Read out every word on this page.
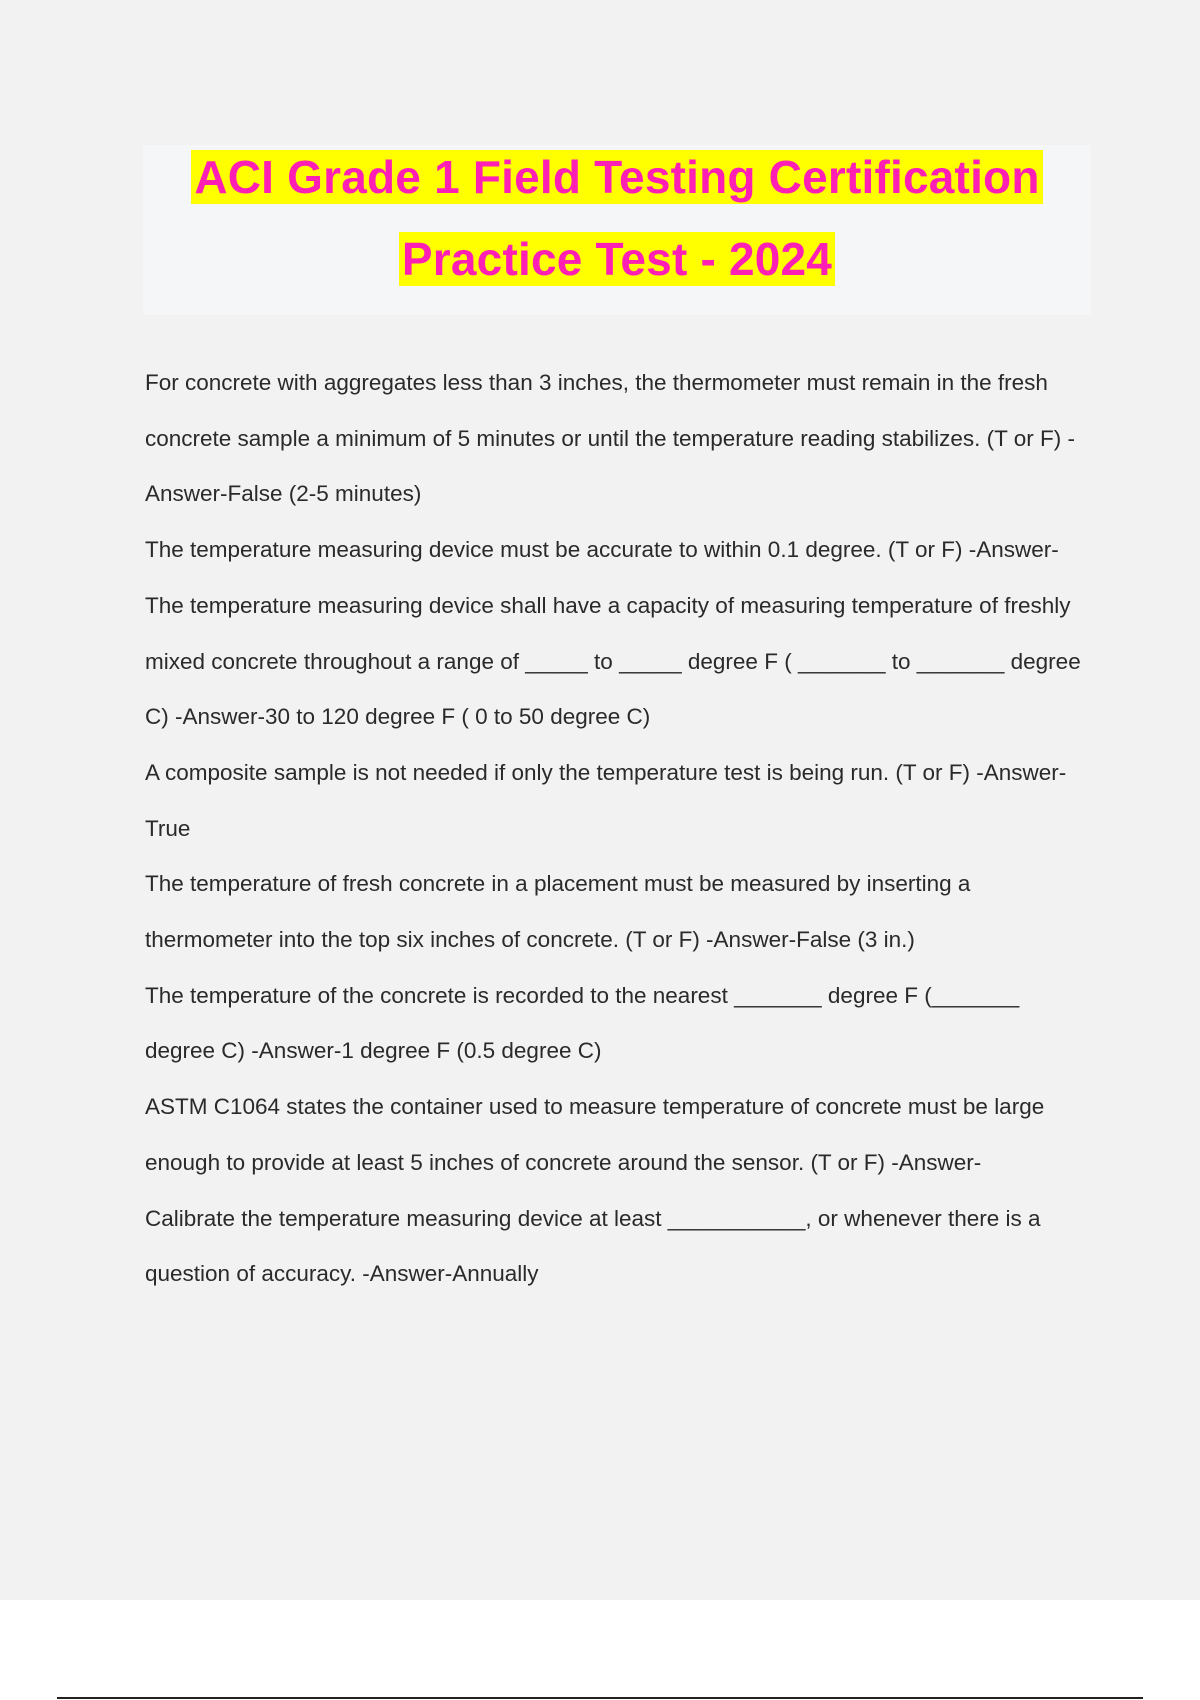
ACI Grade 1 Field Testing Certification
Practice Test - 2024

For concrete with aggregates less than 3 inches, the thermometer must remain in the fresh concrete sample a minimum of 5 minutes or until the temperature reading stabilizes. (T or F) -Answer-False (2-5 minutes)

The temperature measuring device must be accurate to within 0.1 degree. (T or F) -Answer-

The temperature measuring device shall have a capacity of measuring temperature of freshly mixed concrete throughout a range of _____ to _____ degree F ( _______ to _______ degree C) -Answer-30 to 120 degree F ( 0 to 50 degree C)

A composite sample is not needed if only the temperature test is being run. (T or F) -Answer-True

The temperature of fresh concrete in a placement must be measured by inserting a thermometer into the top six inches of concrete. (T or F) -Answer-False (3 in.)

The temperature of the concrete is recorded to the nearest _______ degree F (_______ degree C) -Answer-1 degree F (0.5 degree C)

ASTM C1064 states the container used to measure temperature of concrete must be large enough to provide at least 5 inches of concrete around the sensor. (T or F) -Answer-

Calibrate the temperature measuring device at least ___________, or whenever there is a question of accuracy. -Answer-Annually
